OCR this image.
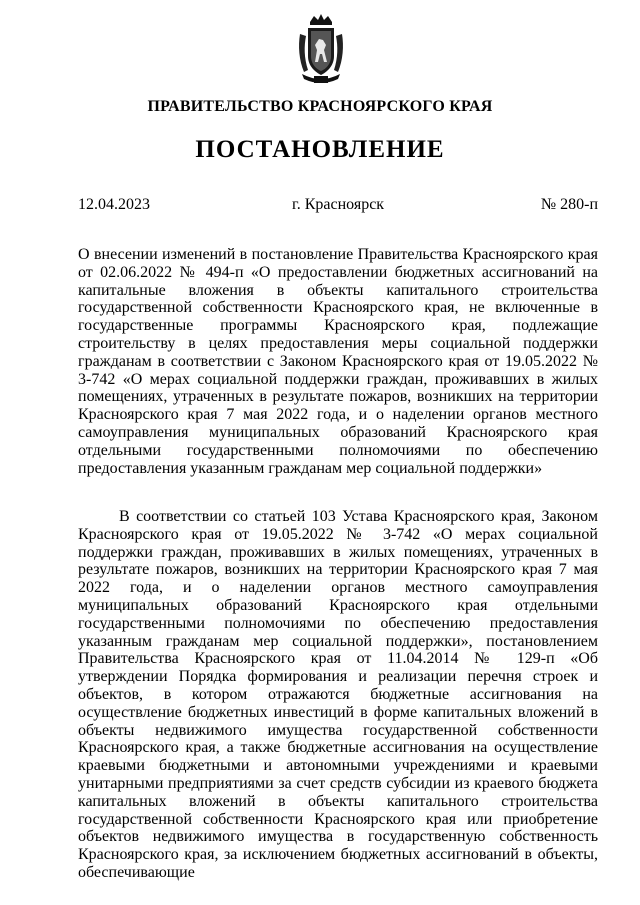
ПРАВИТЕЛЬСТВО КРАСНОЯРСКОГО КРАЯ
ПОСТАНОВЛЕНИЕ
12.04.2023	г. Красноярск	№ 280-п
О внесении изменений в постановление Правительства Красноярского края от 02.06.2022 № 494-п «О предоставлении бюджетных ассигнований на капитальные вложения в объекты капитального строительства государственной собственности Красноярского края, не включенные в государственные программы Красноярского края, подлежащие строительству в целях предоставления меры социальной поддержки гражданам в соответствии с Законом Красноярского края от 19.05.2022 № 3-742 «О мерах социальной поддержки граждан, проживавших в жилых помещениях, утраченных в результате пожаров, возникших на территории Красноярского края 7 мая 2022 года, и о наделении органов местного самоуправления муниципальных образований Красноярского края отдельными государственными полномочиями по обеспечению предоставления указанным гражданам мер социальной поддержки»
В соответствии со статьей 103 Устава Красноярского края, Законом Красноярского края от 19.05.2022 № 3-742 «О мерах социальной поддержки граждан, проживавших в жилых помещениях, утраченных в результате пожаров, возникших на территории Красноярского края 7 мая 2022 года, и о наделении органов местного самоуправления муниципальных образований Красноярского края отдельными государственными полномочиями по обеспечению предоставления указанным гражданам мер социальной поддержки», постановлением Правительства Красноярского края от 11.04.2014 № 129-п «Об утверждении Порядка формирования и реализации перечня строек и объектов, в котором отражаются бюджетные ассигнования на осуществление бюджетных инвестиций в форме капитальных вложений в объекты недвижимого имущества государственной собственности Красноярского края, а также бюджетные ассигнования на осуществление краевыми бюджетными и автономными учреждениями и краевыми унитарными предприятиями за счет средств субсидии из краевого бюджета капитальных вложений в объекты капитального строительства государственной собственности Красноярского края или приобретение объектов недвижимого имущества в государственную собственность Красноярского края, за исключением бюджетных ассигнований в объекты, обеспечивающие
